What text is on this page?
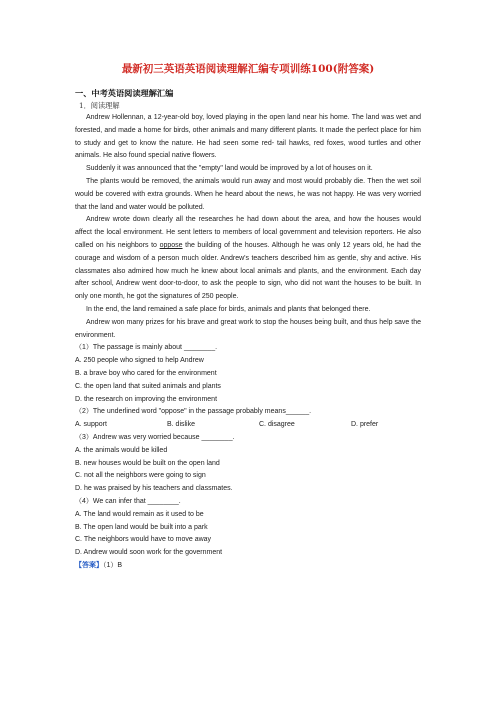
最新初三英语英语阅读理解汇编专项训练100(附答案)
一、中考英语阅读理解汇编
1．阅读理解

Andrew Hollennan, a 12-year-old boy, loved playing in the open land near his home. The land was wet and forested, and made a home for birds, other animals and many different plants. It made the perfect place for him to study and get to know the nature. He had seen some red- tail hawks, red foxes, wood turtles and other animals. He also found special native flowers.

Suddenly it was announced that the "empty" land would be improved by a lot of houses on it.

The plants would be removed, the animals would run away and most would probably die. Then the wet soil would be covered with extra grounds. When he heard about the news, he was not happy. He was very worried that the land and water would be polluted.

Andrew wrote down clearly all the researches he had down about the area, and how the houses would affect the local environment. He sent letters to members of local government and television reporters. He also called on his neighbors to oppose the building of the houses. Although he was only 12 years old, he had the courage and wisdom of a person much older. Andrew's teachers described him as gentle, shy and active. His classmates also admired how much he knew about local animals and plants, and the environment. Each day after school, Andrew went door-to-door, to ask the people to sign, who did not want the houses to be built. In only one month, he got the signatures of 250 people.

In the end, the land remained a safe place for birds, animals and plants that belonged there.

Andrew won many prizes for his brave and great work to stop the houses being built, and thus help save the environment.

（1）The passage is mainly about ________.

A. 250 people who signed to help Andrew

B. a brave boy who cared for the environment

C. the open land that suited animals and plants

D. the research on improving the environment

（2）The underlined word "oppose" in the passage probably means______.

A. support	B. dislike	C. disagree	D. prefer

（3）Andrew was very worried because ________.

A. the animals would be killed

B. new houses would be built on the open land

C. not all the neighbors were going to sign

D. he was praised by his teachers and classmates.

（4）We can infer that ________.

A. The land would remain as it used to be

B. The open land would be built into a park

C. The neighbors would have to move away

D. Andrew would soon work for the government

【答案】（1）B
